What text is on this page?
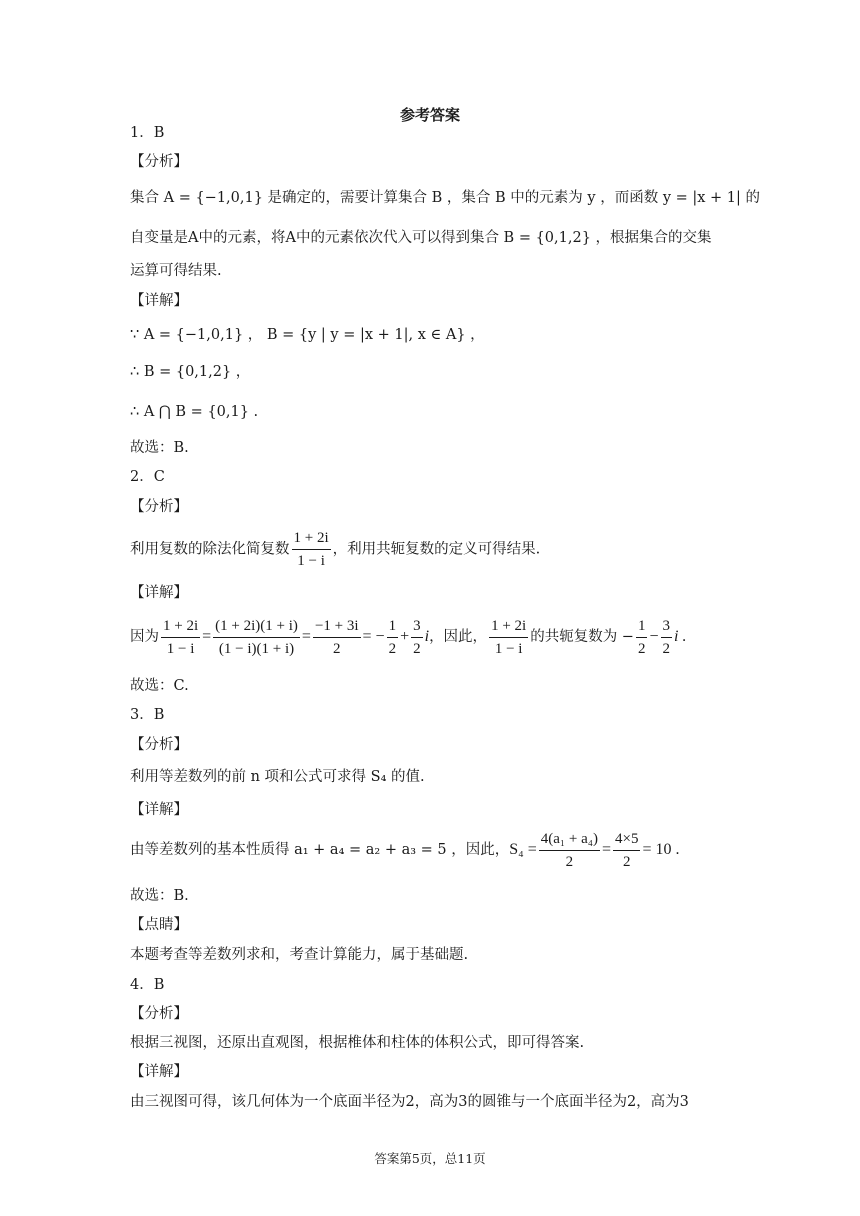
参考答案
1．B
【分析】
集合 A = {−1,0,1} 是确定的，需要计算集合 B ，集合 B 中的元素为 y ，而函数 y = |x + 1| 的
自变量是A中的元素，将A中的元素依次代入可以得到集合 B = {0,1,2} ，根据集合的交集
运算可得结果.
【详解】
∵ A = {−1,0,1} ， B = {y | y = |x + 1|, x ∈ A} ，
∴ B = {0,1,2} ，
∴ A ⋂ B = {0,1} .
故选：B.
2．C
【分析】
利用复数的除法化简复数 $\frac{1 + 2i}{1 - i}$ ，利用共轭复数的定义可得结果.
【详解】
因为 $\frac{1 + 2i}{1 - i} = \frac{(1 + 2i)(1 + i)}{(1 - i)(1 + i)} = \frac{-1 + 3i}{2}$ = − $\frac{1}{2} + \frac{3}{2}$ i，因此， $\frac{1 + 2i}{1 - i}$ 的共轭复数为 − $\frac{1}{2} - \frac{3}{2}$ i .
故选：C.
3．B
【分析】
利用等差数列的前 n 项和公式可求得 S₄ 的值.
【详解】
由等差数列的基本性质得 a₁ + a₄ = a₂ + a₃ = 5 ，因此，$S_4 = \frac{\text{4(a₁ + a₄)}}{2} = \frac{4\times 5}{2} = 10$ .
故选：B.
【点睛】
本题考查等差数列求和，考查计算能力，属于基础题.
4．B
【分析】
根据三视图，还原出直观图，根据椎体和柱体的体积公式，即可得答案.
【详解】
由三视图可得，该几何体为一个底面半径为2，高为3的圆锥与一个底面半径为2，高为3
答案第5页，总11页
